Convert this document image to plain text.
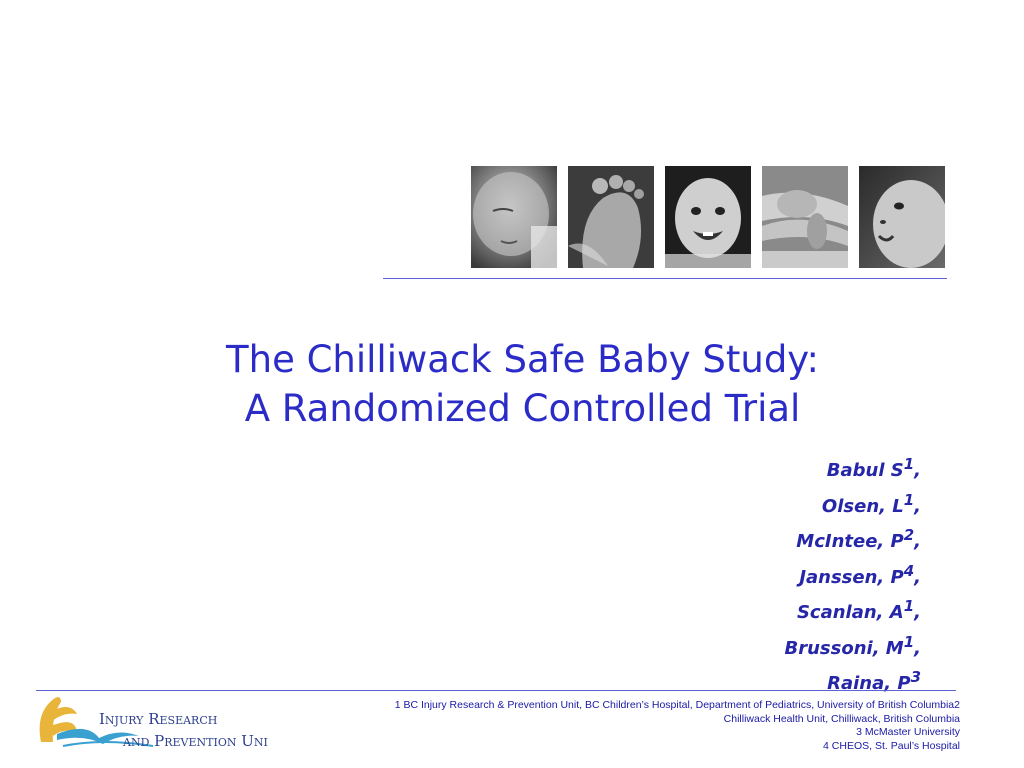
The Chilliwack Safe Baby Study:
A Randomized Controlled Trial
Babul $S^1$,
Olsen, $L^1$,
McIntee, $P^2$,
Janssen, $P^4$,
Scanlan, $A^1$,
Brussoni, $M^1$,
Raina, $P^3$
Injury Research
and Prevention Unit
1 BC Injury Research & Prevention Unit, BC Children’s Hospital, Department of Pediatrics, University of British Columbia2
Chilliwack Health Unit, Chilliwack, British Columbia
3 McMaster University
4 CHEOS, St. Paul’s Hospital
